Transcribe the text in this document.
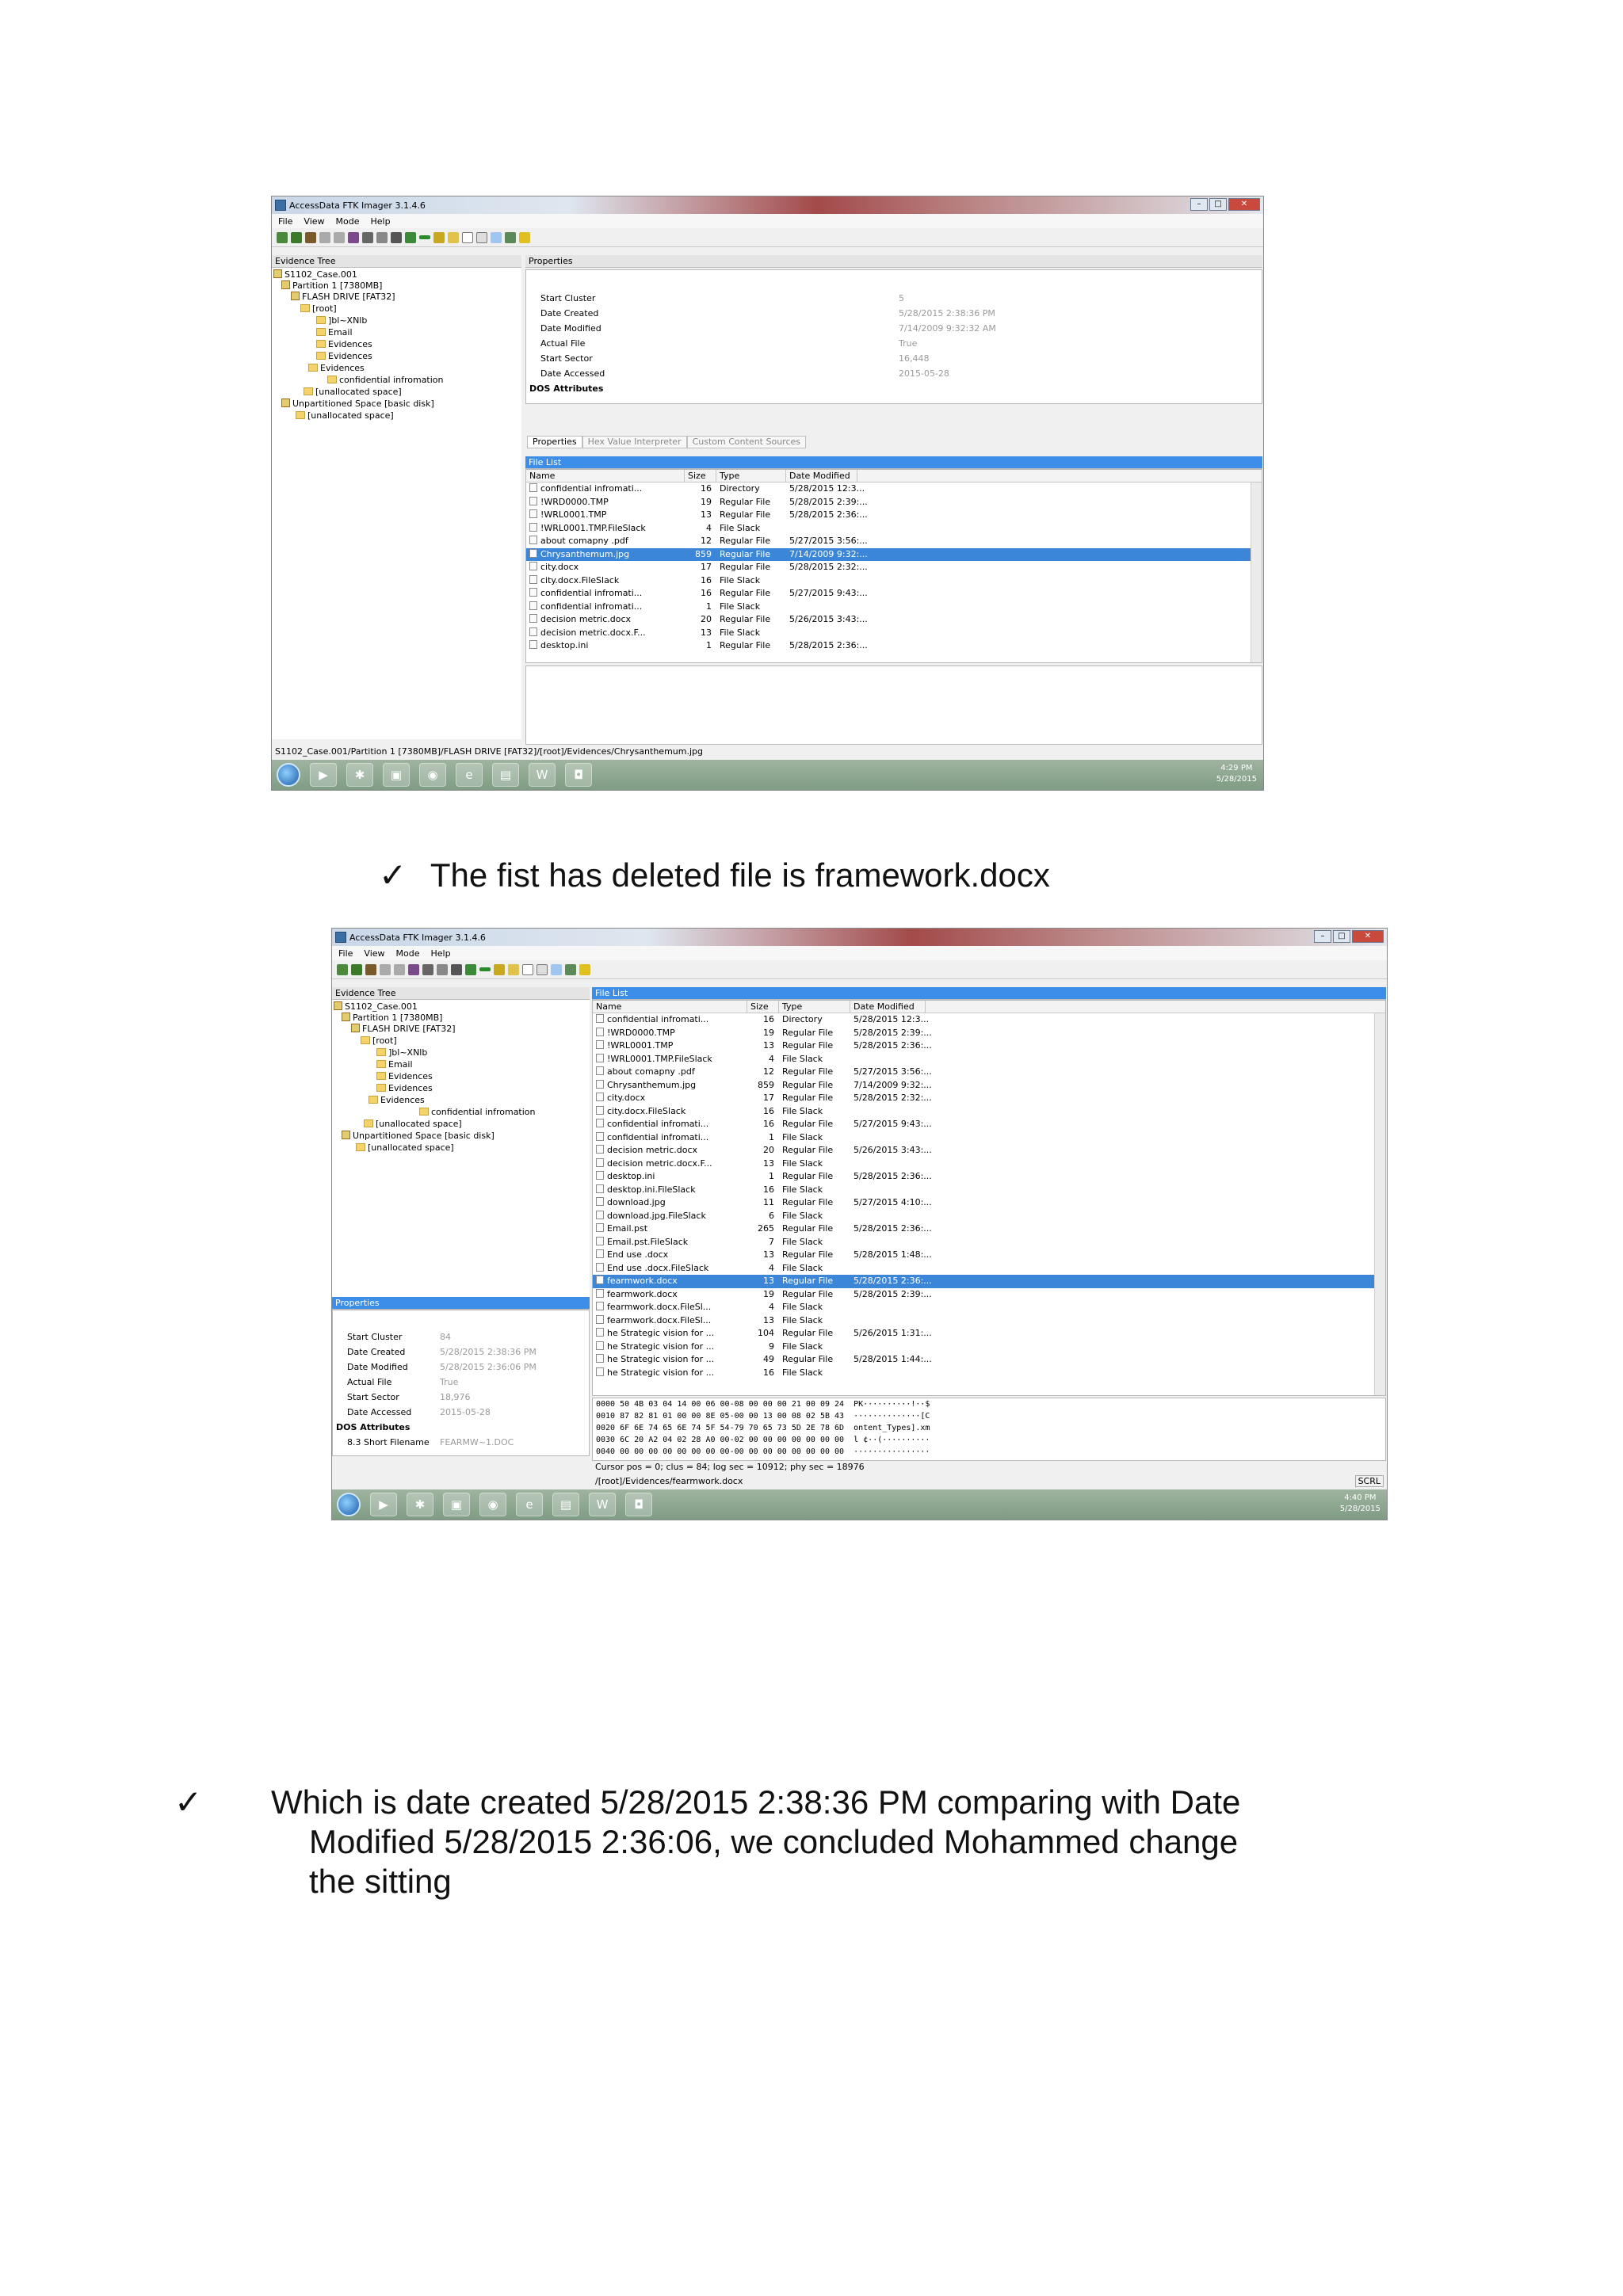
AccessData FTK Imager 3.1.4.6	–	□	✕
File View Mode Help
Evidence Tree
S1102_Case.001
Partition 1 [7380MB]
FLASH DRIVE [FAT32]
[root]
]bl~XNlb
Email
Evidences
Evidences
Evidences
confidential infromation
[unallocated space]
Unpartitioned Space [basic disk]
[unallocated space]
Properties
Start Cluster	5
Date Created	5/28/2015 2:38:36 PM
Date Modified	7/14/2009 9:32:32 AM
Actual File	True
Start Sector	16,448
Date Accessed	2015-05-28
DOS Attributes
Properties	Hex Value Interpreter	Custom Content Sources
File List
Name	Size	Type	Date Modified
confidential infromati...	16 Directory	5/28/2015 12:3...
!WRD0000.TMP	19 Regular File	5/28/2015 2:39:...
!WRL0001.TMP	13 Regular File	5/28/2015 2:36:...
!WRL0001.TMP.FileSlack	4 File Slack
about comapny .pdf	12 Regular File	5/27/2015 3:56:...
Chrysanthemum.jpg	859 Regular File	7/14/2009 9:32:...
city.docx	17 Regular File	5/28/2015 2:32:...
city.docx.FileSlack	16 File Slack
confidential infromati...	16 Regular File	5/27/2015 9:43:...
confidential infromati...	1 File Slack
decision metric.docx	20 Regular File	5/26/2015 3:43:...
decision metric.docx.F...	13 File Slack
desktop.ini	1 Regular File	5/28/2015 2:36:...
S1102_Case.001/Partition 1 [7380MB]/FLASH DRIVE [FAT32]/[root]/Evidences/Chrysanthemum.jpg
▶	✱	▣	◉	e	▤	W	◘	4:29 PM
5/28/2015
✓ The fist has deleted file is framework.docx
AccessData FTK Imager 3.1.4.6	–	□	✕
File View Mode Help
Evidence Tree
S1102_Case.001
Partition 1 [7380MB]
FLASH DRIVE [FAT32]
[root]
]bl~XNlb
Email
Evidences
Evidences
Evidences
confidential infromation
[unallocated space]
Unpartitioned Space [basic disk]
[unallocated space]
Properties
Start Cluster	84
Date Created	5/28/2015 2:38:36 PM
Date Modified	5/28/2015 2:36:06 PM
Actual File	True
Start Sector	18,976
Date Accessed	2015-05-28
DOS Attributes
8.3 Short Filename	FEARMW~1.DOC
File List
Name	Size	Type	Date Modified
confidential infromati...	16 Directory	5/28/2015 12:3...
!WRD0000.TMP	19 Regular File	5/28/2015 2:39:...
!WRL0001.TMP	13 Regular File	5/28/2015 2:36:...
!WRL0001.TMP.FileSlack	4 File Slack
about comapny .pdf	12 Regular File	5/27/2015 3:56:...
Chrysanthemum.jpg	859 Regular File	7/14/2009 9:32:...
city.docx	17 Regular File	5/28/2015 2:32:...
city.docx.FileSlack	16 File Slack
confidential infromati...	16 Regular File	5/27/2015 9:43:...
confidential infromati...	1 File Slack
decision metric.docx	20 Regular File	5/26/2015 3:43:...
decision metric.docx.F...	13 File Slack
desktop.ini	1 Regular File	5/28/2015 2:36:...
desktop.ini.FileSlack	16 File Slack
download.jpg	11 Regular File	5/27/2015 4:10:...
download.jpg.FileSlack	6 File Slack
Email.pst	265 Regular File	5/28/2015 2:36:...
Email.pst.FileSlack	7 File Slack
End use .docx	13 Regular File	5/28/2015 1:48:...
End use .docx.FileSlack	4 File Slack
fearmwork.docx	13 Regular File	5/28/2015 2:36:...
fearmwork.docx	19 Regular File	5/28/2015 2:39:...
fearmwork.docx.FileSl...	4 File Slack
fearmwork.docx.FileSl...	13 File Slack
he Strategic vision for ...	104 Regular File	5/26/2015 1:31:...
he Strategic vision for ...	9 File Slack
he Strategic vision for ...	49 Regular File	5/28/2015 1:44:...
he Strategic vision for ...	16 File Slack
0000 50 4B 03 04 14 00 06 00-08 00 00 00 21 00 09 24  PK··········!··$
0010 87 82 81 01 00 00 8E 05-00 00 13 00 08 02 5B 43  ··············[C
0020 6F 6E 74 65 6E 74 5F 54-79 70 65 73 5D 2E 78 6D  ontent_Types].xm
0030 6C 20 A2 04 02 28 A0 00-02 00 00 00 00 00 00 00  l ¢··(··········
0040 00 00 00 00 00 00 00 00-00 00 00 00 00 00 00 00  ················
Cursor pos = 0; clus = 84; log sec = 10912; phy sec = 18976
/[root]/Evidences/fearmwork.docx	SCRL
▶	✱	▣	◉	e	▤	W	◘	4:40 PM
5/28/2015
✓ Which is date created 5/28/2015 2:38:36 PM comparing with Date
Modified 5/28/2015 2:36:06, we concluded Mohammed change
the sitting
